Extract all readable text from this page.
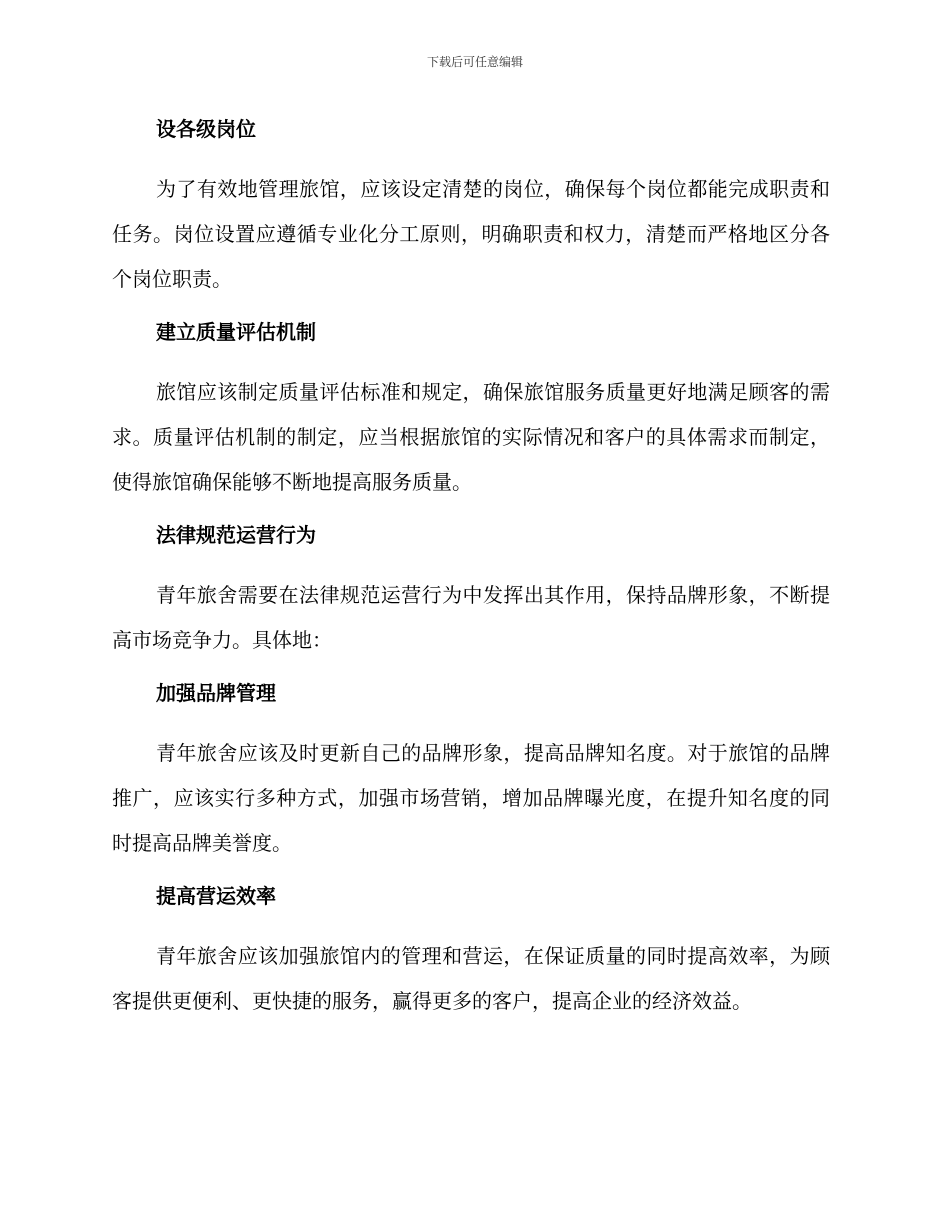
下载后可任意编辑
设各级岗位

为了有效地管理旅馆，应该设定清楚的岗位，确保每个岗位都能完成职责和任务。岗位设置应遵循专业化分工原则，明确职责和权力，清楚而严格地区分各个岗位职责。

建立质量评估机制

旅馆应该制定质量评估标准和规定，确保旅馆服务质量更好地满足顾客的需求。质量评估机制的制定，应当根据旅馆的实际情况和客户的具体需求而制定，使得旅馆确保能够不断地提高服务质量。

法律规范运营行为

青年旅舍需要在法律规范运营行为中发挥出其作用，保持品牌形象，不断提高市场竞争力。具体地：

加强品牌管理

青年旅舍应该及时更新自己的品牌形象，提高品牌知名度。对于旅馆的品牌推广，应该实行多种方式，加强市场营销，增加品牌曝光度，在提升知名度的同时提高品牌美誉度。

提高营运效率

青年旅舍应该加强旅馆内的管理和营运，在保证质量的同时提高效率，为顾客提供更便利、更快捷的服务，赢得更多的客户，提高企业的经济效益。
